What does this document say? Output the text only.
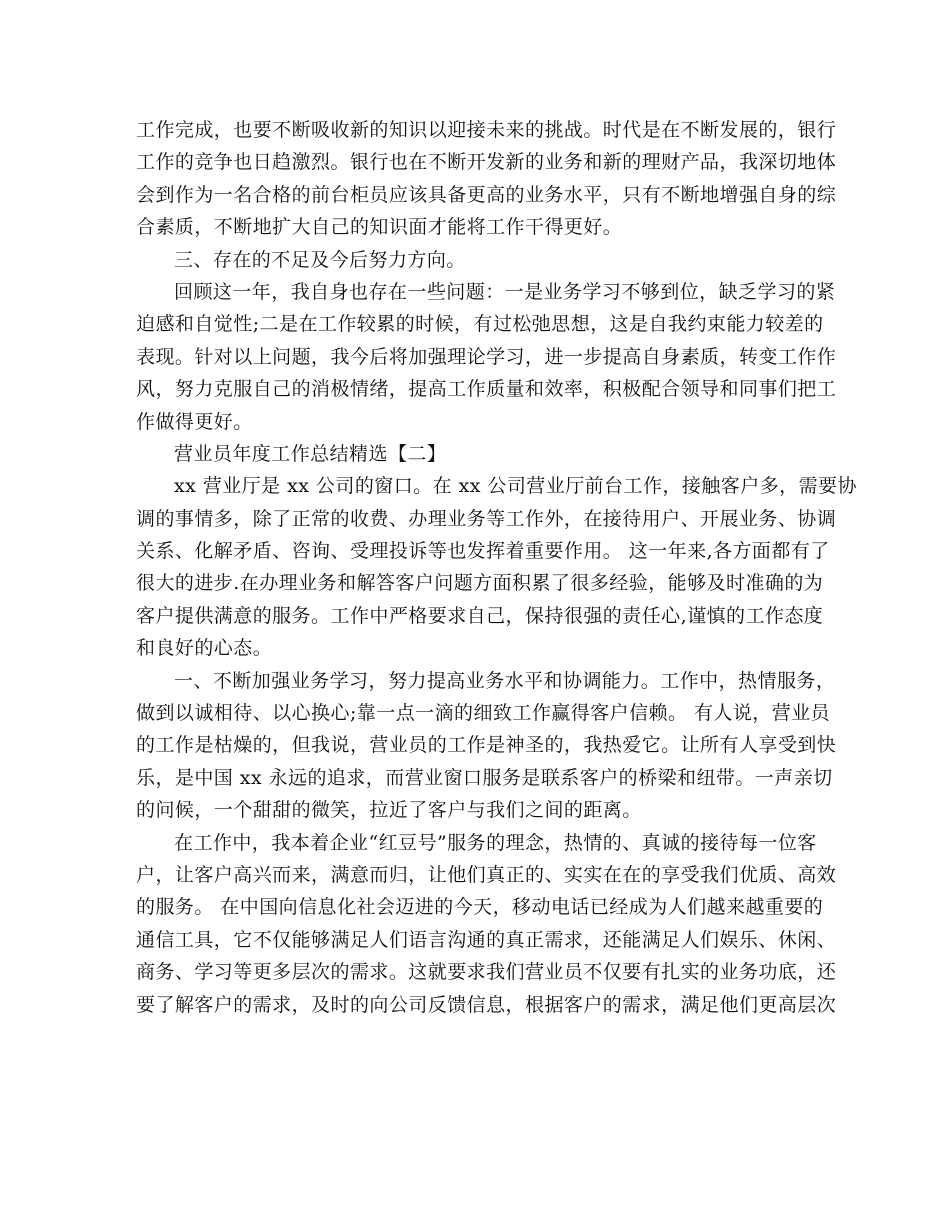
工作完成，也要不断吸收新的知识以迎接未来的挑战。时代是在不断发展的，银行
工作的竞争也日趋激烈。银行也在不断开发新的业务和新的理财产品，我深切地体
会到作为一名合格的前台柜员应该具备更高的业务水平，只有不断地增强自身的综
合素质，不断地扩大自己的知识面才能将工作干得更好。
三、存在的不足及今后努力方向。
回顾这一年，我自身也存在一些问题：一是业务学习不够到位，缺乏学习的紧
迫感和自觉性;二是在工作较累的时候，有过松弛思想，这是自我约束能力较差的
表现。针对以上问题，我今后将加强理论学习，进一步提高自身素质，转变工作作
风，努力克服自己的消极情绪，提高工作质量和效率，积极配合领导和同事们把工
作做得更好。
营业员年度工作总结精选【二】
xx 营业厅是 xx 公司的窗口。在 xx 公司营业厅前台工作，接触客户多，需要协
调的事情多，除了正常的收费、办理业务等工作外，在接待用户、开展业务、协调
关系、化解矛盾、咨询、受理投诉等也发挥着重要作用。 这一年来,各方面都有了
很大的进步.在办理业务和解答客户问题方面积累了很多经验，能够及时准确的为
客户提供满意的服务。工作中严格要求自己，保持很强的责任心,谨慎的工作态度
和良好的心态。
一、不断加强业务学习，努力提高业务水平和协调能力。工作中，热情服务，
做到以诚相待、以心换心;靠一点一滴的细致工作赢得客户信赖。 有人说，营业员
的工作是枯燥的，但我说，营业员的工作是神圣的，我热爱它。让所有人享受到快
乐，是中国 xx 永远的追求，而营业窗口服务是联系客户的桥梁和纽带。一声亲切
的问候，一个甜甜的微笑，拉近了客户与我们之间的距离。
在工作中，我本着企业“红豆号”服务的理念，热情的、真诚的接待每一位客
户，让客户高兴而来，满意而归，让他们真正的、实实在在的享受我们优质、高效
的服务。 在中国向信息化社会迈进的今天，移动电话已经成为人们越来越重要的
通信工具，它不仅能够满足人们语言沟通的真正需求，还能满足人们娱乐、休闲、
商务、学习等更多层次的需求。这就要求我们营业员不仅要有扎实的业务功底，还
要了解客户的需求，及时的向公司反馈信息，根据客户的需求，满足他们更高层次
